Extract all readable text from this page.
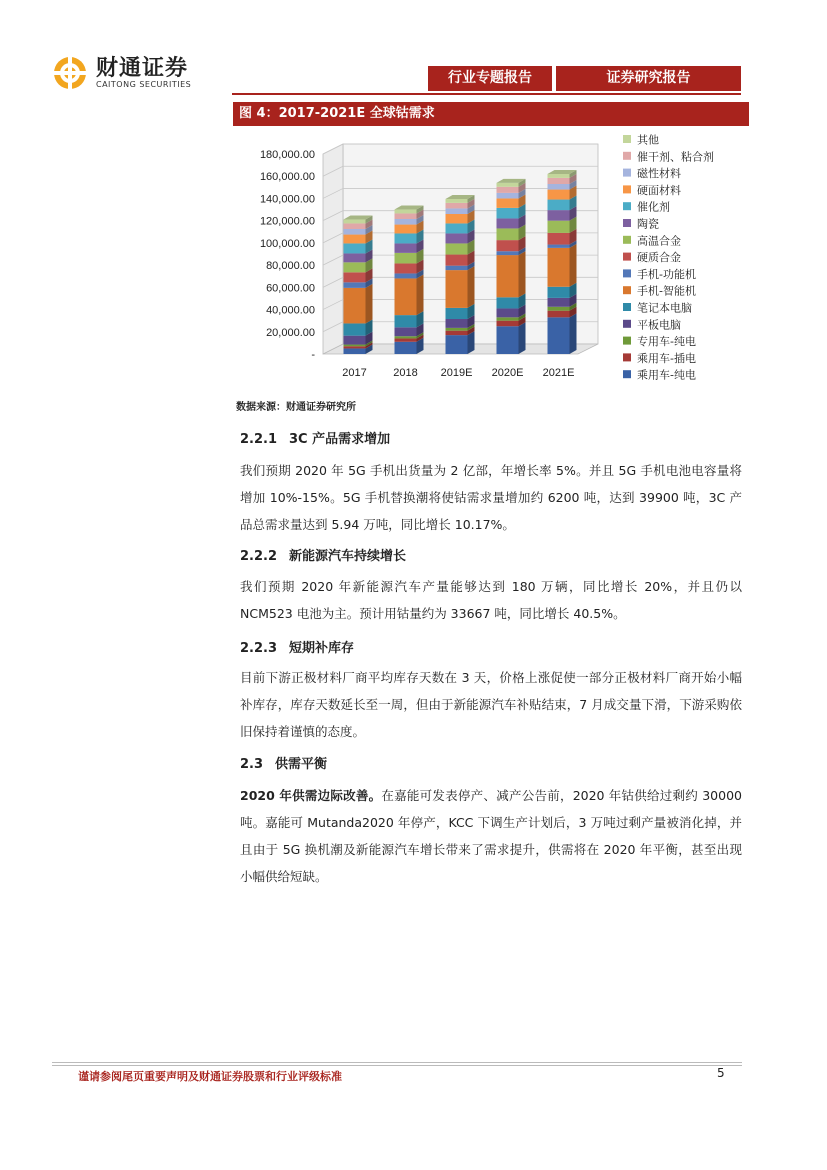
财通证券
CAITONG SECURITIES	行业专题报告	证券研究报告
图 4：2017-2021E 全球钴需求
-
20,000.00
40,000.00
60,000.00
80,000.00
100,000.00
120,000.00
140,000.00
160,000.00
180,000.00
2017 2018 2019E 2020E 2021E
其他
催干剂、粘合剂
磁性材料
硬面材料
催化剂
陶瓷
高温合金
硬质合金
手机-功能机
手机-智能机
笔记本电脑
平板电脑
专用车-纯电
乘用车-插电
乘用车-纯电
数据来源：财通证券研究所
2.2.1 3C 产品需求增加
我们预期 2020 年 5G 手机出货量为 2 亿部，年增长率 5%。并且 5G 手机电池电容量将增加 10%-15%。5G 手机替换潮将使钴需求量增加约 6200 吨，达到 39900 吨，3C 产品总需求量达到 5.94 万吨，同比增长 10.17%。
2.2.2 新能源汽车持续增长
我们预期 2020 年新能源汽车产量能够达到 180 万辆，同比增长 20%，并且仍以 NCM523 电池为主。预计用钴量约为 33667 吨，同比增长 40.5%。
2.2.3 短期补库存
目前下游正极材料厂商平均库存天数在 3 天，价格上涨促使一部分正极材料厂商开始小幅补库存，库存天数延长至一周，但由于新能源汽车补贴结束，7 月成交量下滑，下游采购依旧保持着谨慎的态度。
2.3 供需平衡
2020 年供需边际改善。在嘉能可发表停产、减产公告前，2020 年钴供给过剩约 30000 吨。嘉能可 Mutanda2020 年停产，KCC 下调生产计划后，3 万吨过剩产量被消化掉，并且由于 5G 换机潮及新能源汽车增长带来了需求提升，供需将在 2020 年平衡，甚至出现小幅供给短缺。
谨请参阅尾页重要声明及财通证券股票和行业评级标准	5
